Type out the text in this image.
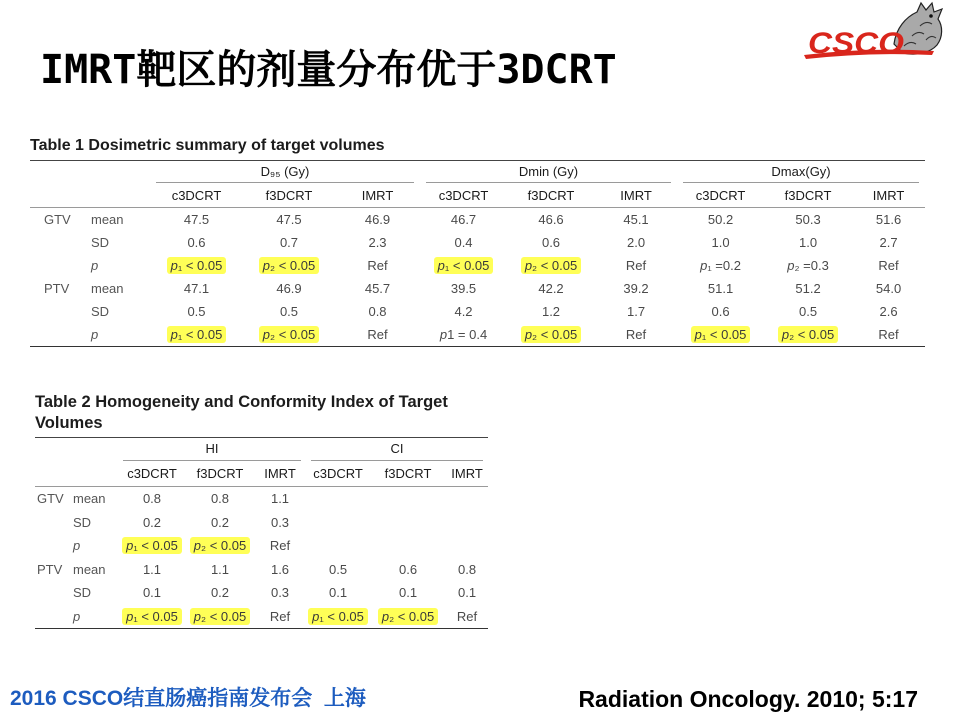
IMRT靶区的剂量分布优于3DCRT
CSCO
Table 1 Dosimetric summary of target volumes

		D₉₅ (Gy)			Dmin (Gy)			Dmax(Gy)		

		c3DCRT	f3DCRT	IMRT	c3DCRT	f3DCRT	IMRT	c3DCRT	f3DCRT	IMRT
GTV	mean	47.5	47.5	46.9	46.7	46.6	45.1	50.2	50.3	51.6
	SD	0.6	0.7	2.3	0.4	0.6	2.0	1.0	1.0	2.7
	p	p₁ < 0.05	p₂ < 0.05	Ref	p₁ < 0.05	p₂ < 0.05	Ref	p₁ =0.2	p₂ =0.3	Ref
PTV	mean	47.1	46.9	45.7	39.5	42.2	39.2	51.1	51.2	54.0
	SD	0.5	0.5	0.8	4.2	1.2	1.7	0.6	0.5	2.6
	p	p₁ < 0.05	p₂ < 0.05	Ref	p1 = 0.4	p₂ < 0.05	Ref	p₁ < 0.05	p₂ < 0.05	Ref
Table 2 Homogeneity and Conformity Index of Target Volumes

		HI			CI		

		c3DCRT	f3DCRT	IMRT	c3DCRT	f3DCRT	IMRT
GTV	mean	0.8	0.8	1.1			
	SD	0.2	0.2	0.3			
	p	p₁ < 0.05	p₂ < 0.05	Ref			
PTV	mean	1.1	1.1	1.6	0.5	0.6	0.8
	SD	0.1	0.2	0.3	0.1	0.1	0.1
	p	p₁ < 0.05	p₂ < 0.05	Ref	p₁ < 0.05	p₂ < 0.05	Ref
2016 CSCO结直肠癌指南发布会  上海	Radiation Oncology. 2010; 5:17
